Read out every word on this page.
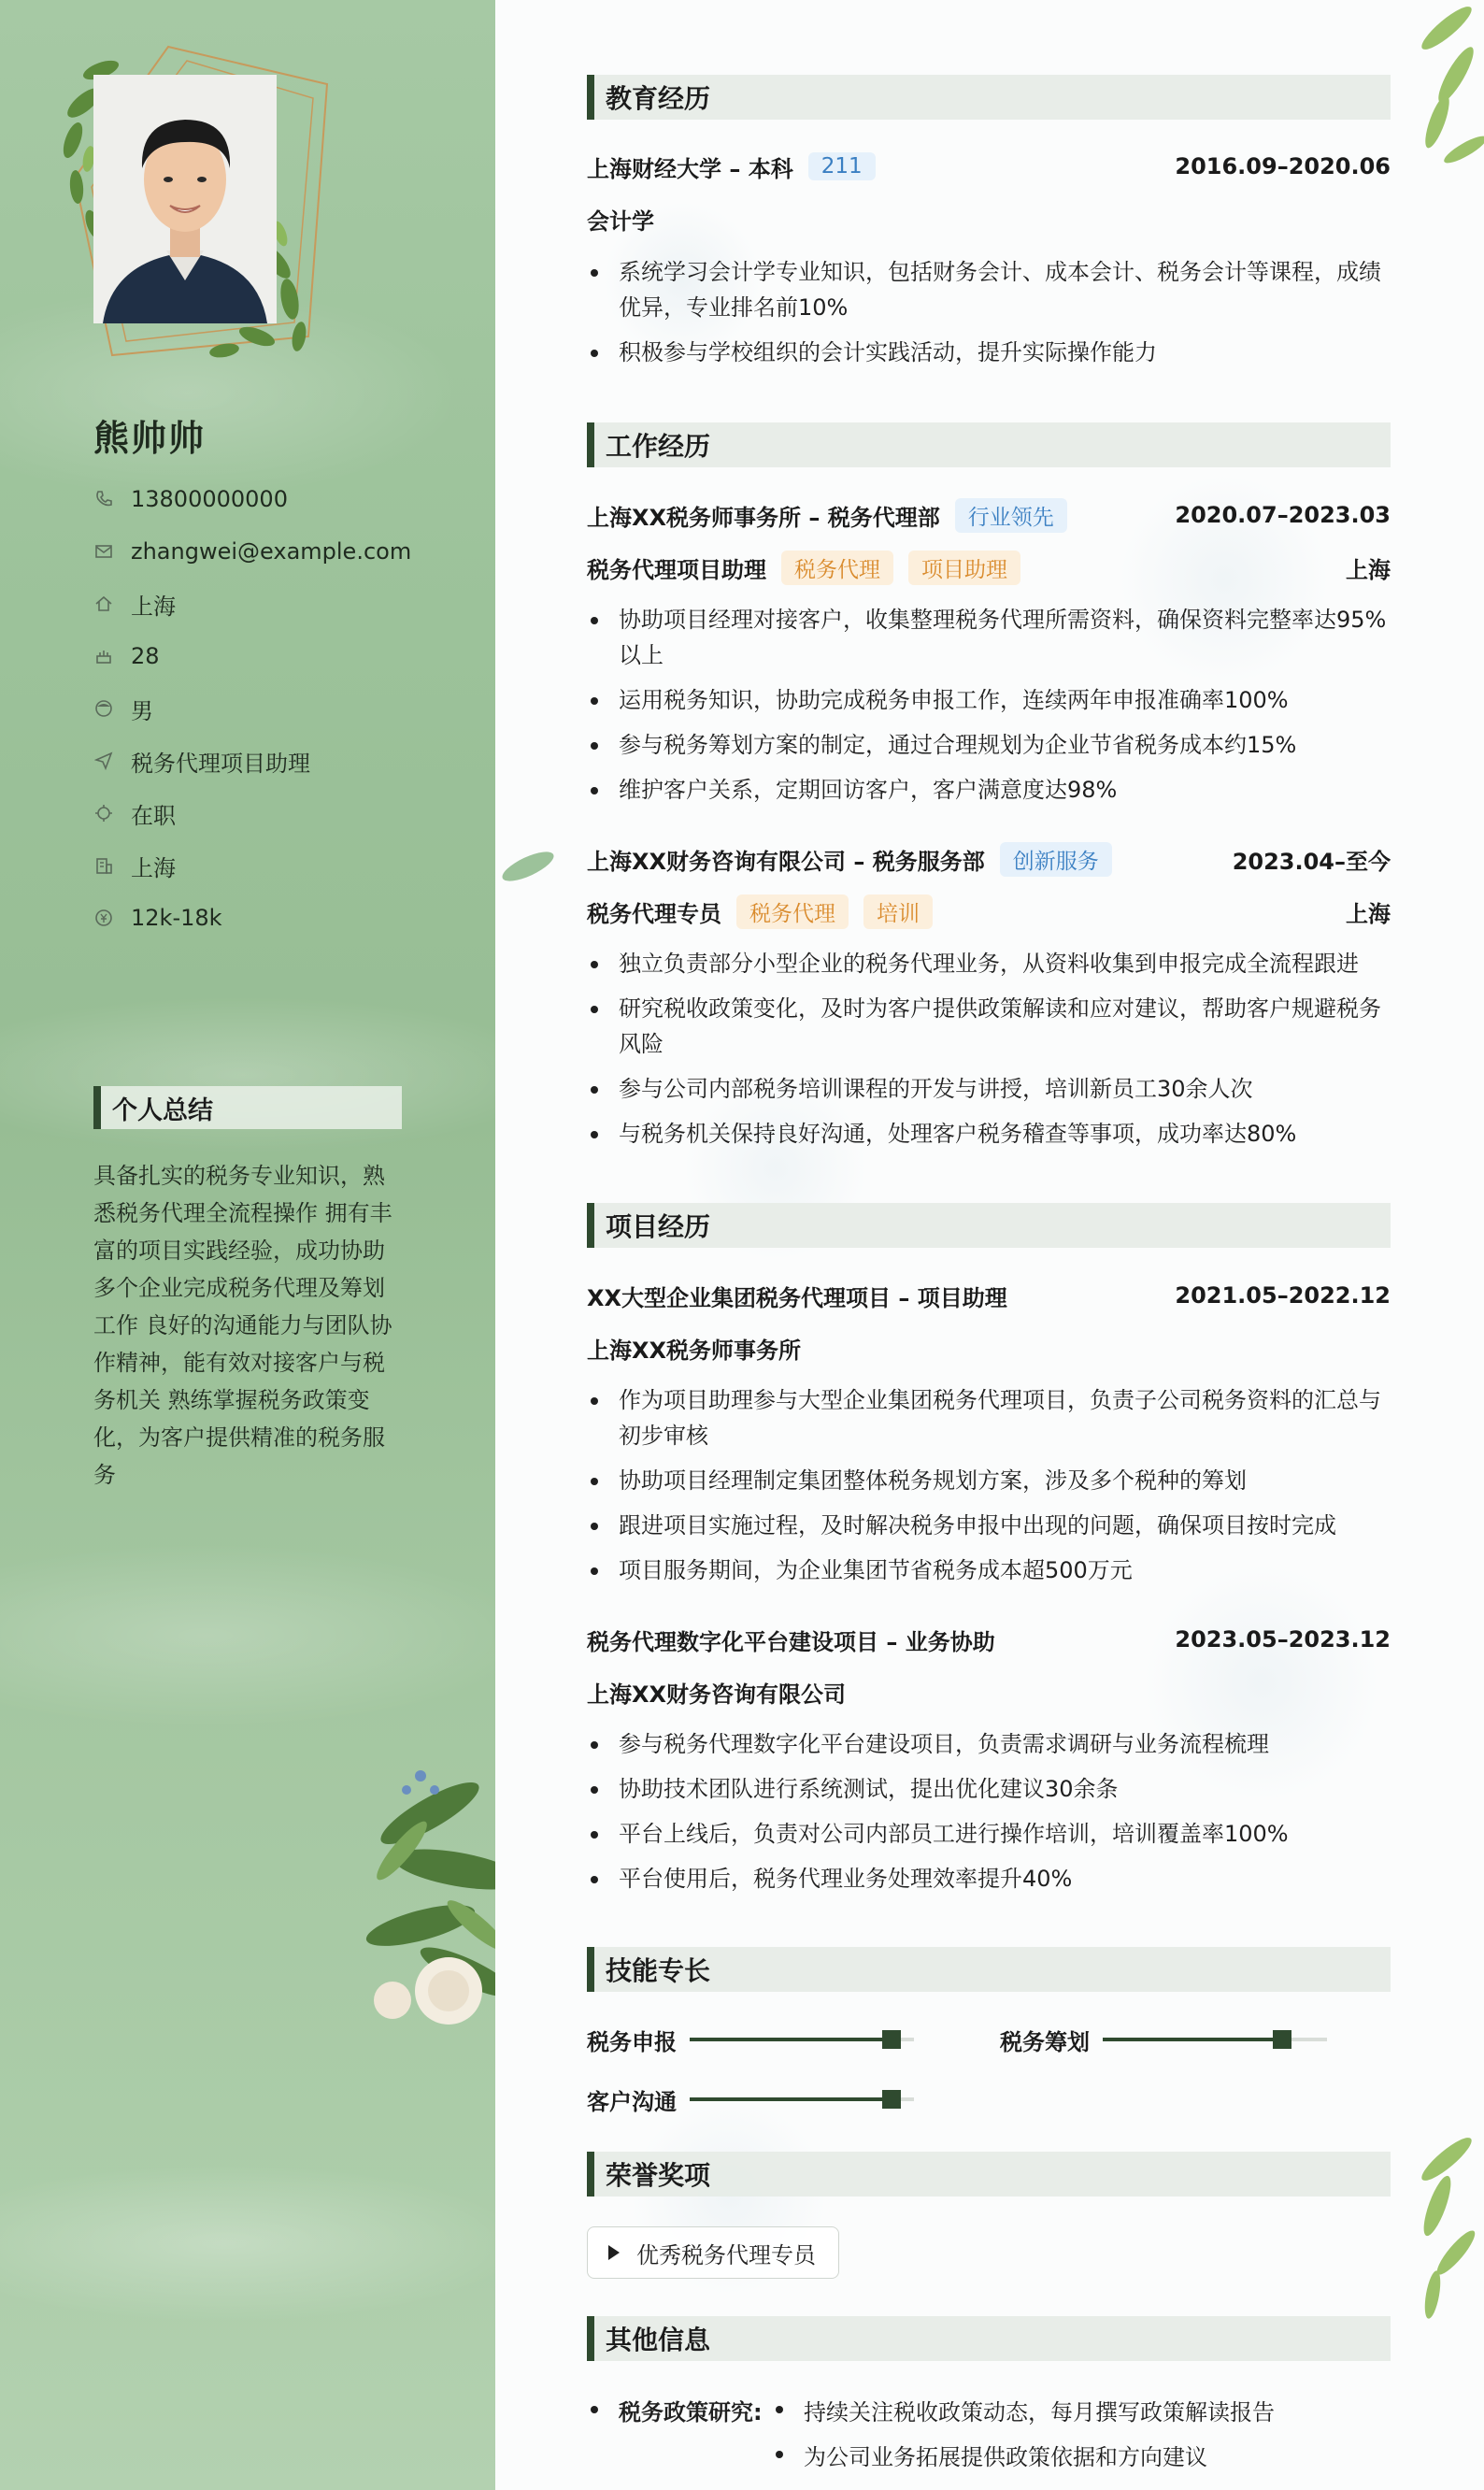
熊帅帅
13800000000
zhangwei@example.com
上海
28
男
税务代理项目助理
在职
上海
12k-18k
个人总结
具备扎实的税务专业知识，熟悉税务代理全流程操作 拥有丰富的项目实践经验，成功协助多个企业完成税务代理及筹划工作 良好的沟通能力与团队协作精神，能有效对接客户与税务机关 熟练掌握税务政策变化，为客户提供精准的税务服务
教育经历
上海财经大学 – 本科	211	2016.09–2020.06
会计学
系统学习会计学专业知识，包括财务会计、成本会计、税务会计等课程，成绩优异，专业排名前10%
积极参与学校组织的会计实践活动，提升实际操作能力
工作经历
上海XX税务师事务所 – 税务代理部	行业领先	2020.07–2023.03
税务代理项目助理	税务代理	项目助理	上海
协助项目经理对接客户，收集整理税务代理所需资料，确保资料完整率达95%以上
运用税务知识，协助完成税务申报工作，连续两年申报准确率100%
参与税务筹划方案的制定，通过合理规划为企业节省税务成本约15%
维护客户关系，定期回访客户，客户满意度达98%
上海XX财务咨询有限公司 – 税务服务部	创新服务	2023.04–至今
税务代理专员	税务代理	培训	上海
独立负责部分小型企业的税务代理业务，从资料收集到申报完成全流程跟进
研究税收政策变化，及时为客户提供政策解读和应对建议，帮助客户规避税务风险
参与公司内部税务培训课程的开发与讲授，培训新员工30余人次
与税务机关保持良好沟通，处理客户税务稽查等事项，成功率达80%
项目经历
XX大型企业集团税务代理项目 – 项目助理	2021.05–2022.12
上海XX税务师事务所
作为项目助理参与大型企业集团税务代理项目，负责子公司税务资料的汇总与初步审核
协助项目经理制定集团整体税务规划方案，涉及多个税种的筹划
跟进项目实施过程，及时解决税务申报中出现的问题，确保项目按时完成
项目服务期间，为企业集团节省税务成本超500万元
税务代理数字化平台建设项目 – 业务协助	2023.05–2023.12
上海XX财务咨询有限公司
参与税务代理数字化平台建设项目，负责需求调研与业务流程梳理
协助技术团队进行系统测试，提出优化建议30余条
平台上线后，负责对公司内部员工进行操作培训，培训覆盖率100%
平台使用后，税务代理业务处理效率提升40%
技能专长
税务申报	税务筹划
客户沟通
荣誉奖项
优秀税务代理专员
其他信息
税务政策研究: 持续关注税收政策动态，每月撰写政策解读报告
为公司业务拓展提供政策依据和方向建议
